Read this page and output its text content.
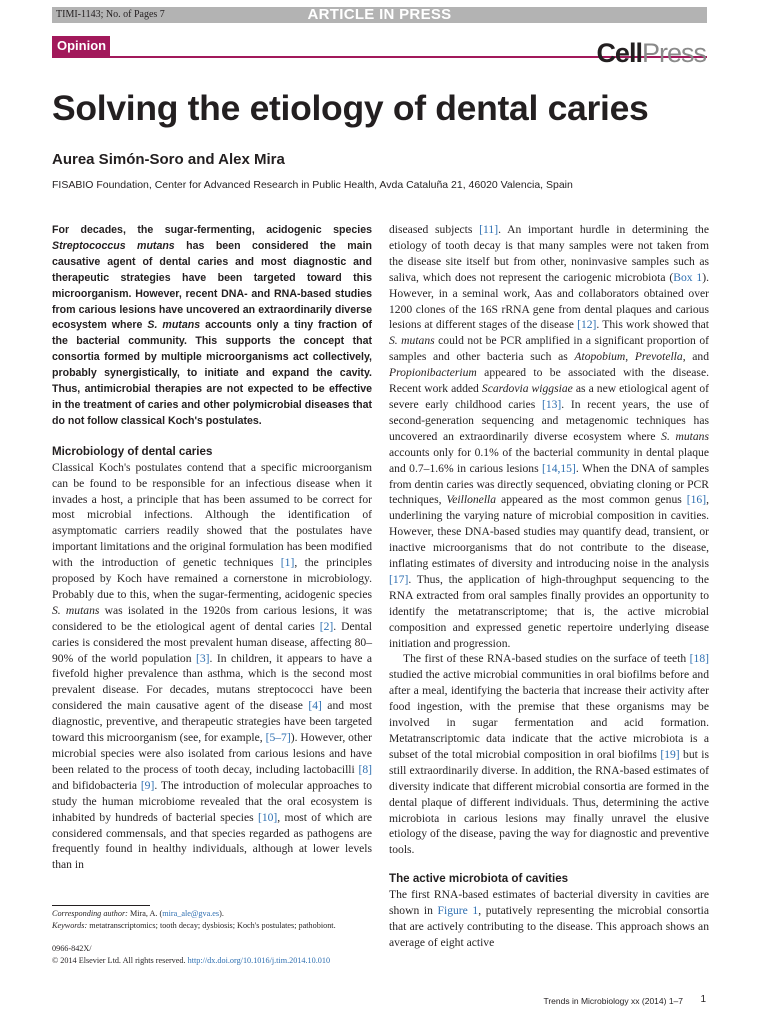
TIMI-1143; No. of Pages 7	ARTICLE IN PRESS
Opinion	CellPress
Solving the etiology of dental caries
Aurea Simón-Soro and Alex Mira
FISABIO Foundation, Center for Advanced Research in Public Health, Avda Cataluña 21, 46020 Valencia, Spain

For decades, the sugar-fermenting, acidogenic species Streptococcus mutans has been considered the main causative agent of dental caries and most diagnostic and therapeutic strategies have been targeted toward this microorganism. However, recent DNA- and RNA-based studies from carious lesions have uncovered an extraordinarily diverse ecosystem where S. mutans accounts only a tiny fraction of the bacterial community. This supports the concept that consortia formed by multiple microorganisms act collectively, probably synergistically, to initiate and expand the cavity. Thus, antimicrobial therapies are not expected to be effective in the treatment of caries and other polymicrobial diseases that do not follow classical Koch's postulates.

Microbiology of dental caries

Classical Koch's postulates contend that a specific microorganism can be found to be responsible for an infectious disease when it invades a host, a principle that has been assumed to be correct for most microbial infections. Although the identification of asymptomatic carriers readily showed that the postulates have important limitations and the original formulation has been modified with the introduction of genetic techniques [1], the principles proposed by Koch have remained a cornerstone in microbiology. Probably due to this, when the sugar-fermenting, acidogenic species S. mutans was isolated in the 1920s from carious lesions, it was considered to be the etiological agent of dental caries [2]. Dental caries is considered the most prevalent human disease, affecting 80–90% of the world population [3]. In children, it appears to have a fivefold higher prevalence than asthma, which is the second most prevalent disease. For decades, mutans streptococci have been considered the main causative agent of the disease [4] and most diagnostic, preventive, and therapeutic strategies have been targeted toward this microorganism (see, for example, [5–7]). However, other microbial species were also isolated from carious lesions and have been related to the process of tooth decay, including lactobacilli [8] and bifidobacteria [9]. The introduction of molecular approaches to study the human microbiome revealed that the oral ecosystem is inhabited by hundreds of bacterial species [10], most of which are considered commensals, and that species regarded as pathogens are frequently found in healthy individuals, although at lower levels than in

diseased subjects [11]. An important hurdle in determining the etiology of tooth decay is that many samples were not taken from the disease site itself but from other, noninvasive samples such as saliva, which does not represent the cariogenic microbiota (Box 1). However, in a seminal work, Aas and collaborators obtained over 1200 clones of the 16S rRNA gene from dental plaques and carious lesions at different stages of the disease [12]. This work showed that S. mutans could not be PCR amplified in a significant proportion of samples and other bacteria such as Atopobium, Prevotella, and Propionibacterium appeared to be associated with the disease. Recent work added Scardovia wiggsiae as a new etiological agent of severe early childhood caries [13]. In recent years, the use of second-generation sequencing and metagenomic techniques has uncovered an extraordinarily diverse ecosystem where S. mutans accounts only for 0.1% of the bacterial community in dental plaque and 0.7–1.6% in carious lesions [14,15]. When the DNA of samples from dentin caries was directly sequenced, obviating cloning or PCR techniques, Veillonella appeared as the most common genus [16], underlining the varying nature of microbial composition in cavities. However, these DNA-based studies may quantify dead, transient, or inactive microorganisms that do not contribute to the disease, inflating estimates of diversity and introducing noise in the analysis [17]. Thus, the application of high-throughput sequencing to the RNA extracted from oral samples finally provides an opportunity to identify the metatranscriptome; that is, the active microbial composition and expressed genetic repertoire underlying disease initiation and progression.

The first of these RNA-based studies on the surface of teeth [18] studied the active microbial communities in oral biofilms before and after a meal, identifying the bacteria that increase their activity after food ingestion, with the premise that these organisms may be involved in sugar fermentation and acid formation. Metatranscriptomic data indicate that the active microbiota is a subset of the total microbial composition in oral biofilms [19] but is still extraordinarily diverse. In addition, the RNA-based estimates of diversity indicate that different microbial consortia are formed in the dental plaque of different individuals. Thus, determining the active microbiota in carious lesions may finally unravel the elusive etiology of the disease, paving the way for diagnostic and preventive tools.

The active microbiota of cavities

The first RNA-based estimates of bacterial diversity in cavities are shown in Figure 1, putatively representing the microbial consortia that are actively contributing to the disease. This approach shows an average of eight active

Corresponding author: Mira, A. (mira_ale@gva.es).
Keywords: metatranscriptomics; tooth decay; dysbiosis; Koch's postulates; pathobiont.
0966-842X/
© 2014 Elsevier Ltd. All rights reserved. http://dx.doi.org/10.1016/j.tim.2014.10.010
Trends in Microbiology xx (2014) 1–7 1
